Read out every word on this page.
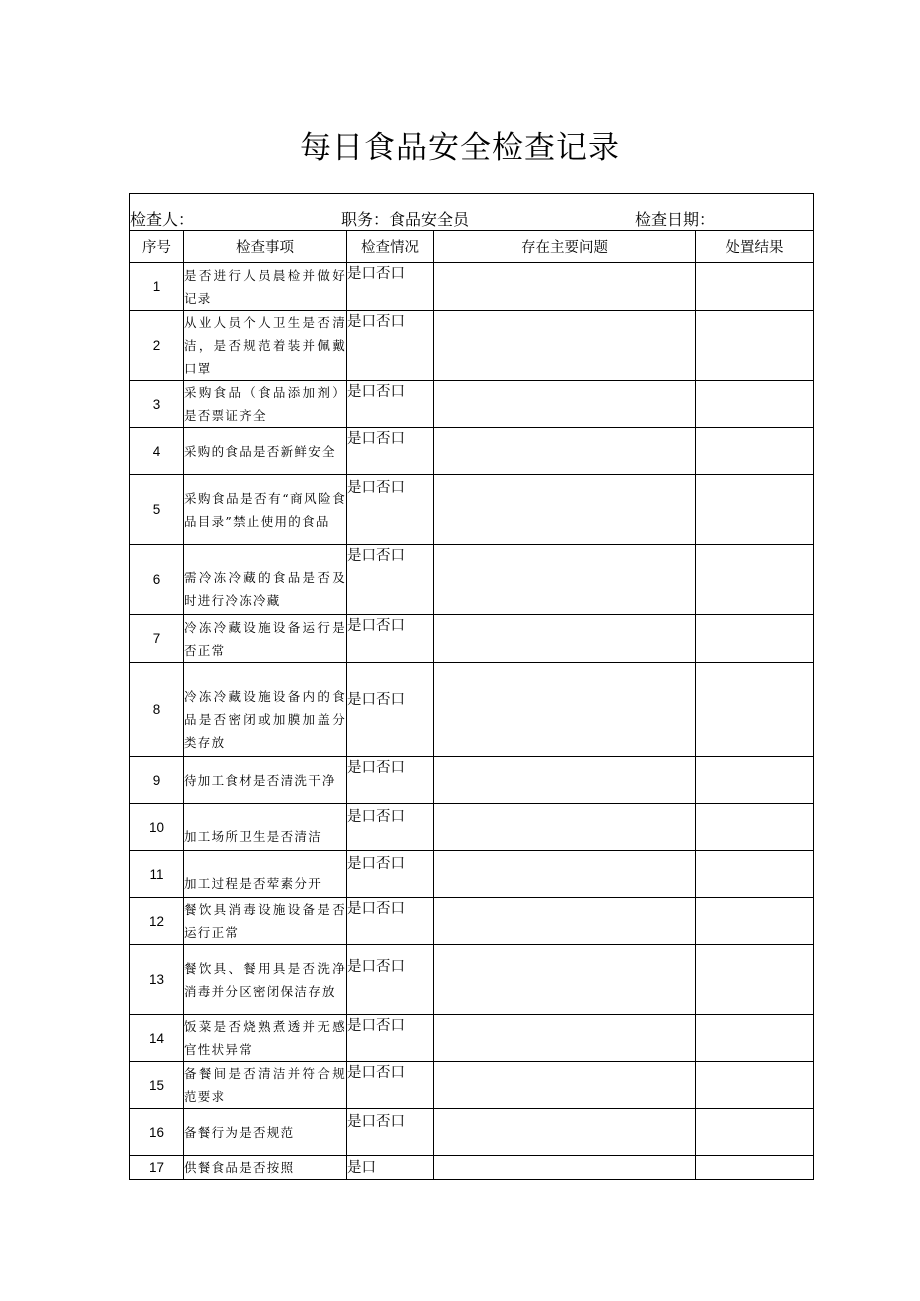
每日食品安全检查记录
检查人： 职务：食品安全员 检查日期：				

序号	检查事项	检查情况	存在主要问题	处置结果
1	是否进行人员晨检并做好记录	是口否口		
2	从业人员个人卫生是否清洁，是否规范着装并佩戴口罩	是口否口		
3	采购食品（食品添加剂）是否票证齐全	是口否口		
4	采购的食品是否新鲜安全	是口否口		
5	采购食品是否有“商风险食品目录”禁止使用的食品	是口否口		
6	需冷冻冷藏的食品是否及时进行冷冻冷藏	是口否口		
7	冷冻冷藏设施设备运行是否正常	是口否口		
8	冷冻冷藏设施设备内的食品是否密闭或加膜加盖分类存放	是口否口		
9	待加工食材是否清洗干净	是口否口		
10	加工场所卫生是否清洁	是口否口		
11	加工过程是否荤素分开	是口否口		
12	餐饮具消毒设施设备是否运行正常	是口否口		
13	餐饮具、餐用具是否洗净消毒并分区密闭保洁存放	是口否口		
14	饭菜是否烧熟煮透并无感官性状异常	是口否口		
15	备餐间是否清洁并符合规范要求	是口否口		
16	备餐行为是否规范	是口否口		
17	供餐食品是否按照	是口		
